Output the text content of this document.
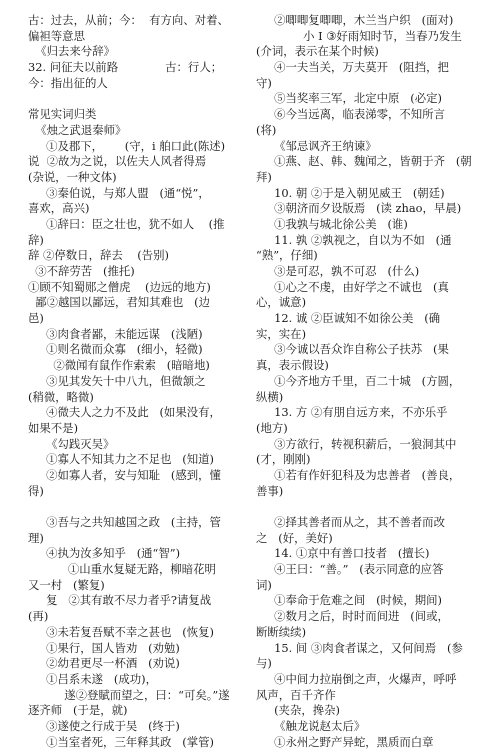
古：过去，从前；今：  有方向、对着、
偏袒等意思
《归去来兮辞》
32. 问征夫以前路             古：行人；
今：指出征的人
常见实词归类
《烛之武退秦师》
①及郡下，      (守，i 舶口此(陈述)
说  ②故为之说，以佐夫人风者得焉
(杂说，一种文体)
③秦伯说，与郑人盟   (通“悦”，
喜欢，高兴)
①辞曰：臣之壮也，犹不如人    (推
辞)
辞 ②停数日，辞去    (告别)
③不辞劳苦   (推托)
①顾不知蜀郧之僧虎    (边远的地方)
鄙②越国以鄙远，君知其难也   (边
邑)
③肉食者鄙，未能远谋   (浅陋)
①则名微而众寡   (细小，轻微)
②微闻有鼠作作索索   (暗暗地)
③见其发矢十中八九，但微颔之
(稍微，略微)
④微夫人之力不及此   (如果没有，
如果不是)
《勾践灭吴》
①寡人不知其力之不足也   (知道)
②如寡人者，安与知耻   (感到，懂
得)
③吾与之共知越国之政   (主持，管
理)
④执为汝多知乎   (通“智”)
①山重水复疑无路，柳暗花明
又一村   (繁复)
复   ②其有敢不尽力者乎?请复战
(再)
③未若复吾赋不幸之甚也   (恢复)
①果行，国人皆劝   (劝勉)
②幼君更尽一杯酒   (劝说)
①吕系未遂   (成功)，
遂②登賦而望之，曰：“可矣。”遂
逐齐师   (于是，就)
③遂使之行成于吴   (终于)
①当室者死，三年释其政   (掌管)
②唧唧复唧唧，木兰当户织   (面对)
小 I ③好雨知时节，当春乃发生
(介词，表示在某个时候)
④一夫当关，万夫莫开   (阻挡，把
守)
⑤当奖率三军，北定中原   (必定)
⑥今当远离，临表涕零，不知所言
(将)
《邹忌讽齐王纳谏》
①燕、赵、韩、魏闻之，皆朝于齐   (朝
拜)
10. 朝 ②于是入朝见威王   (朝廷)
③朝济而夕设版焉   (读 zhao，早晨)
①我孰与城北徐公美   (谁)
11. 孰 ②孰视之，自以为不如   (通
“熟”，仔细)
③是可忍，孰不可忍   (什么)
①心之不虔，由好学之不诚也   (真
心，诚意)
12. 诚 ②臣诚知不如徐公美   (确
实，实在)
③今诚以吾众诈自称公子扶苏   (果
真，表示假设)
①今齐地方千里，百二十城   (方圆，
纵横)
13. 方 ②有朋自远方来，不亦乐乎
(地方)
③方欲行，转视积薪后，一狼洞其中
(才，刚刚)
①若有作奸犯科及为忠善者   (善良，
善事)
②择其善者而从之，其不善者而改
之   (好，美好)
14. ①京中有善口技者   (擅长)
④王曰：“善。”   (表示同意的应答
词)
①奉命于危难之间   (时候，期间)
②数月之后，时时而间进   (间或，
断断续续)
15. 间 ③肉食者谋之，又何间焉   (参
与)
④中间力拉崩倒之声，火爆声，呼呼
风声，百千齐作
(夹杂，搀杂)
《触龙说赵太后》
①永州之野产异蛇，黑质而白章
